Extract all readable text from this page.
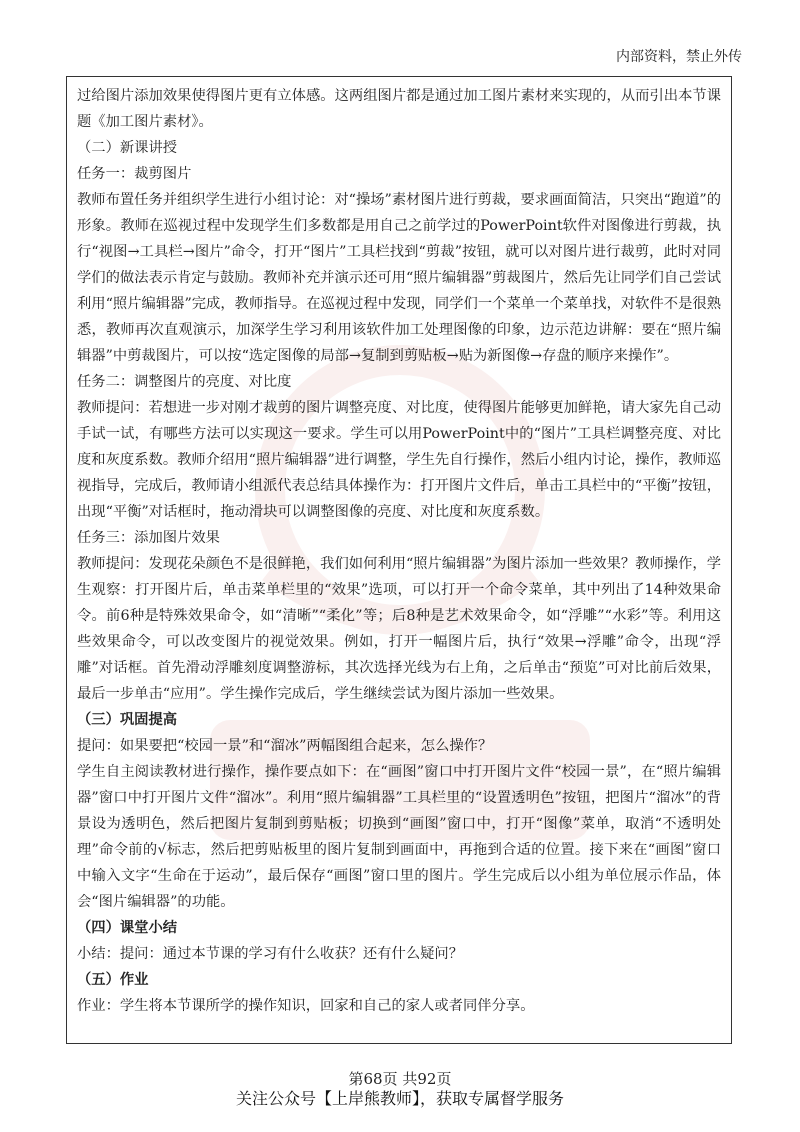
内部资料，禁止外传

过给图片添加效果使得图片更有立体感。这两组图片都是通过加工图片素材来实现的，从而引出本节课题《加工图片素材》。

（二）新课讲授

任务一：裁剪图片

教师布置任务并组织学生进行小组讨论：对“操场”素材图片进行剪裁，要求画面简洁，只突出“跑道”的形象。教师在巡视过程中发现学生们多数都是用自己之前学过的PowerPoint软件对图像进行剪裁，执行“视图→工具栏→图片”命令，打开“图片”工具栏找到“剪裁”按钮，就可以对图片进行裁剪，此时对同学们的做法表示肯定与鼓励。教师补充并演示还可用“照片编辑器”剪裁图片，然后先让同学们自己尝试利用“照片编辑器”完成，教师指导。在巡视过程中发现，同学们一个菜单一个菜单找，对软件不是很熟悉，教师再次直观演示，加深学生学习利用该软件加工处理图像的印象，边示范边讲解：要在“照片编辑器”中剪裁图片，可以按“选定图像的局部→复制到剪贴板→贴为新图像→存盘的顺序来操作”。

任务二：调整图片的亮度、对比度

教师提问：若想进一步对刚才裁剪的图片调整亮度、对比度，使得图片能够更加鲜艳，请大家先自己动手试一试，有哪些方法可以实现这一要求。学生可以用PowerPoint中的“图片”工具栏调整亮度、对比度和灰度系数。教师介绍用“照片编辑器”进行调整，学生先自行操作，然后小组内讨论，操作，教师巡视指导，完成后，教师请小组派代表总结具体操作为：打开图片文件后，单击工具栏中的“平衡”按钮，出现“平衡”对话框时，拖动滑块可以调整图像的亮度、对比度和灰度系数。

任务三：添加图片效果

教师提问：发现花朵颜色不是很鲜艳，我们如何利用“照片编辑器”为图片添加一些效果？教师操作，学生观察：打开图片后，单击菜单栏里的“效果”选项，可以打开一个命令菜单，其中列出了14种效果命令。前6种是特殊效果命令，如“清晰”“柔化”等；后8种是艺术效果命令，如“浮雕”“水彩”等。利用这些效果命令，可以改变图片的视觉效果。例如，打开一幅图片后，执行“效果→浮雕”命令，出现“浮雕”对话框。首先滑动浮雕刻度调整游标，其次选择光线为右上角，之后单击“预览”可对比前后效果，最后一步单击“应用”。学生操作完成后，学生继续尝试为图片添加一些效果。

（三）巩固提高

提问：如果要把“校园一景”和“溜冰”两幅图组合起来，怎么操作？

学生自主阅读教材进行操作，操作要点如下：在“画图”窗口中打开图片文件“校园一景”，在“照片编辑器”窗口中打开图片文件“溜冰”。利用“照片编辑器”工具栏里的“设置透明色”按钮，把图片“溜冰”的背景设为透明色，然后把图片复制到剪贴板；切换到“画图”窗口中，打开“图像”菜单，取消“不透明处理”命令前的√标志，然后把剪贴板里的图片复制到画面中，再拖到合适的位置。接下来在“画图”窗口中输入文字“生命在于运动”，最后保存“画图”窗口里的图片。学生完成后以小组为单位展示作品，体会“图片编辑器”的功能。

（四）课堂小结

小结：提问：通过本节课的学习有什么收获？还有什么疑问？

（五）作业

作业：学生将本节课所学的操作知识，回家和自己的家人或者同伴分享。

第68页 共92页
关注公众号【上岸熊教师】，获取专属督学服务
